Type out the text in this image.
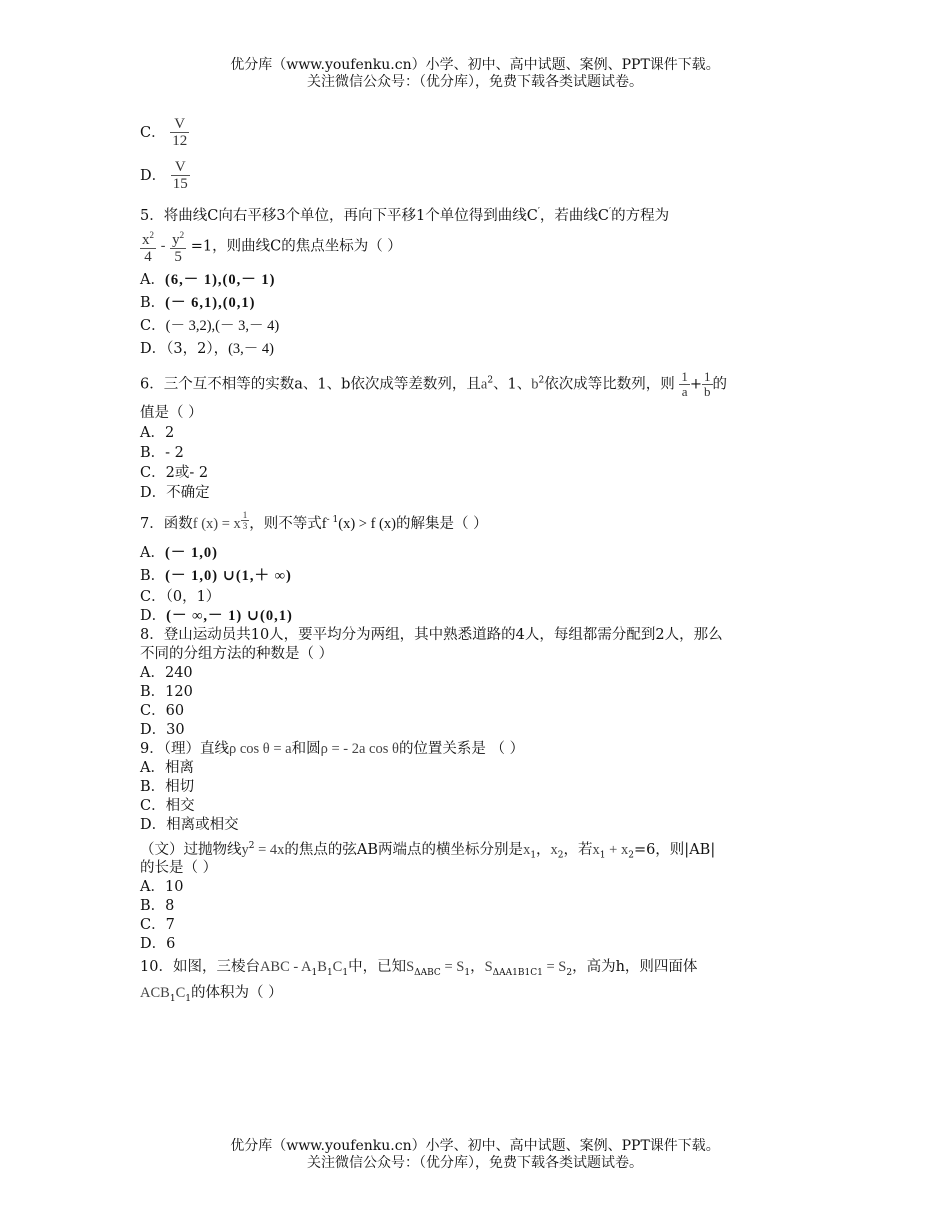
优分库（www.youfenku.cn）小学、初中、高中试题、案例、PPT课件下载。
关注微信公众号：（优分库），免费下载各类试题试卷。
C． $\frac{V}{12}$
D． $\frac{V}{15}$
5．将曲线C向右平移3个单位，再向下平移1个单位得到曲线C′，若曲线C′的方程为
$\frac{x^2}{4} - \frac{y^2}{5} =1$，则曲线C的焦点坐标为（ ）
A．(6,－ 1),(0,－ 1)
B．(－ 6,1),(0,1)
C．(－ 3,2),(－ 3,－ 4)
D．（3，2），(3,－ 4)
6．三个互不相等的实数a、1、b依次成等差数列，且$a^2$、1、$b^2$依次成等比数列，则 $\frac{1}{a} + \frac{1}{b}$ 的
值是（ ）
A．2
B．- 2
C．2或- 2
D．不确定
7．函数f (x) = x $\frac{1}{3}$ ，则不等式$f^{- 1}(x) > f$ (x)的解集是（ ）
A．(－ 1,0)
B．(－ 1,0) ∪(1,＋ ∞)
C．（0，1）
D．(－ ∞,－ 1) ∪(0,1)
8．登山运动员共10人，要平均分为两组，其中熟悉道路的4人，每组都需分配到2人，那么
不同的分组方法的种数是（ ）
A．240
B．120
C．60
D．30
9．（理）直线ρ cos θ = a和圆ρ = - 2a cos θ的位置关系是 （ ）
A．相离
B．相切
C．相交
D．相离或相交
（文）过抛物线$y^2 = 4x$的焦点的弦AB两端点的横坐标分别是$x_1$，$x_2$，若$x_1 + x_2=6$，则|AB|
的长是（ ）
A．10
B．8
C．7
D．6
10．如图，三棱台ABC - $A_1B_1C_1$中，已知$S_{\Delta ABC} = S_1$，$S_{\Delta AA1B1C1} = S_2$，高为h，则四面体
$ACB_1C_1$的体积为（ ）
优分库（www.youfenku.cn）小学、初中、高中试题、案例、PPT课件下载。
关注微信公众号：（优分库），免费下载各类试题试卷。
